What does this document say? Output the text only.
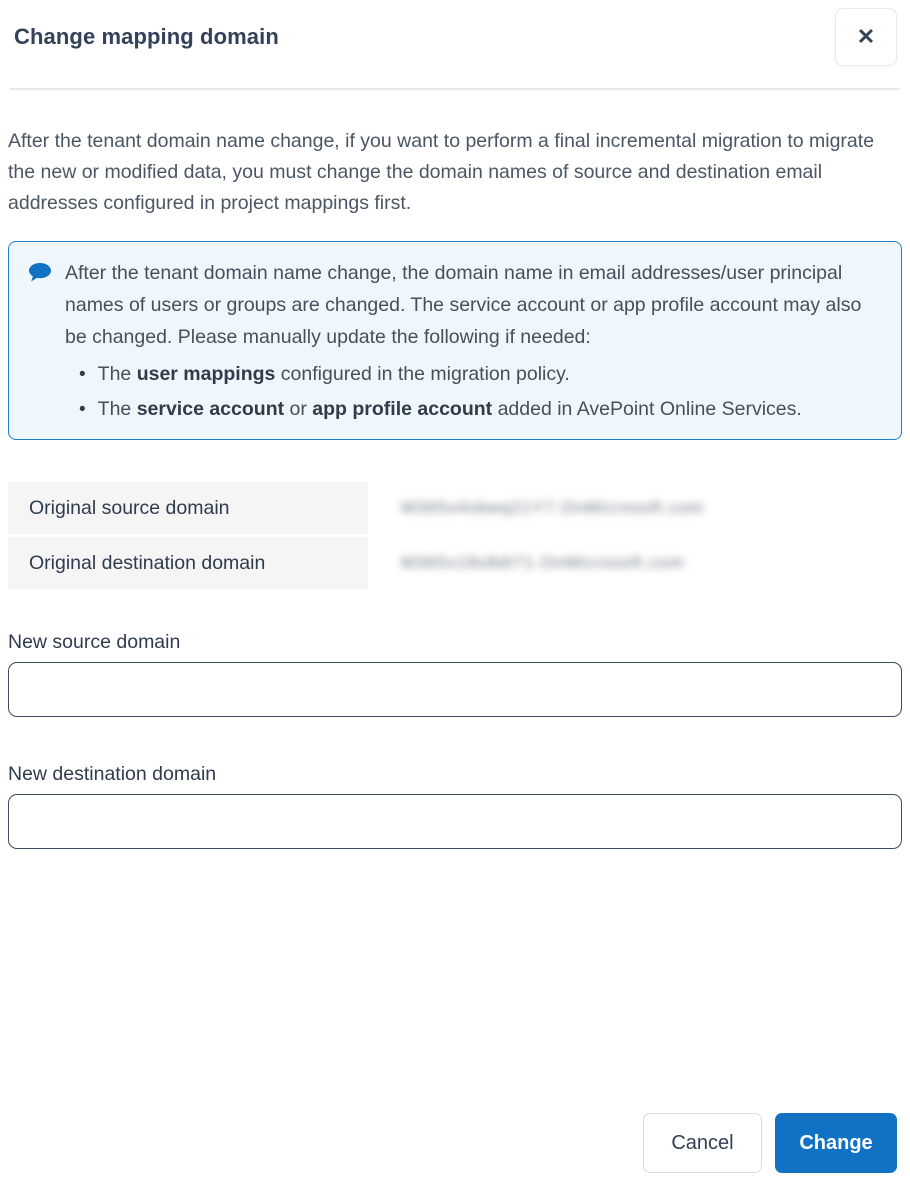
Change mapping domain	✕

After the tenant domain name change, if you want to perform a final incremental migration to migrate the new or modified data, you must change the domain names of source and destination email addresses configured in project mappings first.

After the tenant domain name change, the domain name in email addresses/user principal names of users or groups are changed. The service account or app profile account may also be changed. Please manually update the following if needed:
• The user mappings configured in the migration policy.
• The service account or app profile account added in AvePoint Online Services.
Original source domain	M365x4sbwq21Y7.OnMicrosoft.com
Original destination domain	M365x18s8dt71.OnMicrosoft.com
New source domain
New destination domain
Cancel	Change
